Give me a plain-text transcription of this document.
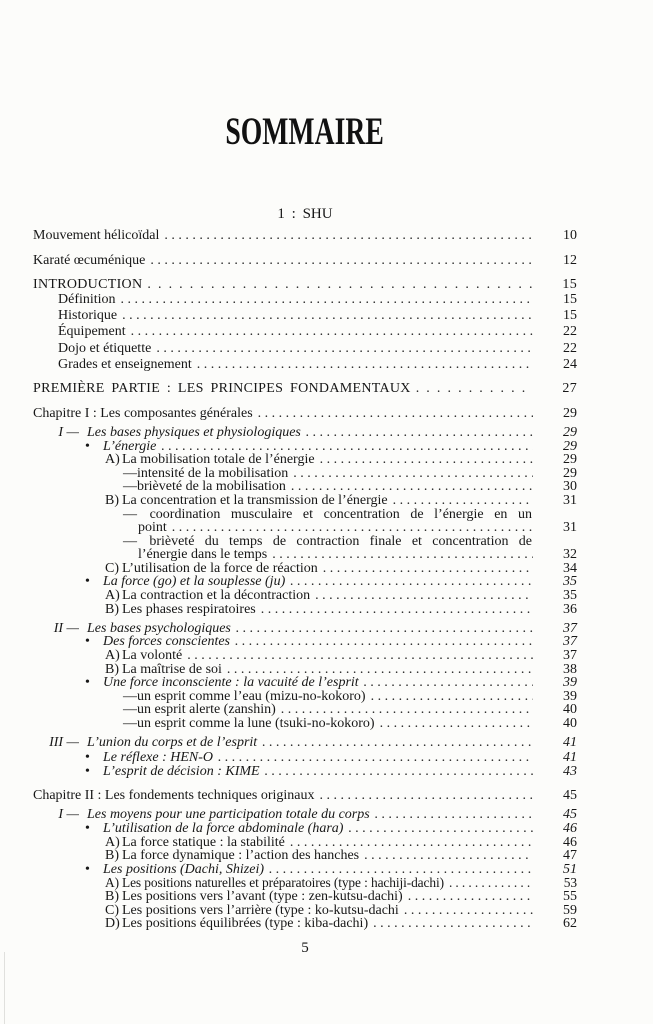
SOMMAIRE
1 : SHU
Mouvement hélicoïdal . . .	10
Karaté œcuménique . . .	12
INTRODUCTION . . .	15
Définition . . .	15
Historique . . .	15
Équipement . . .	22
Dojo et étiquette . . .	22
Grades et enseignement . . .	24
PREMIÈRE PARTIE : LES PRINCIPES FONDAMENTAUX . . .	27
Chapitre I : Les composantes générales . . .	29
I — Les bases physiques et physiologiques . . .	29
• L’énergie . . .	29
A) La mobilisation totale de l’énergie . . .	29
— intensité de la mobilisation . . .	29
— brièveté de la mobilisation . . .	30
B) La concentration et la transmission de l’énergie . . .	31
— coordination musculaire et concentration de l’énergie en un
point . . .	31
— brièveté du temps de contraction finale et concentration de
l’énergie dans le temps . . .	32
C) L’utilisation de la force de réaction . . .	34
• La force (go) et la souplesse (ju) . . .	35
A) La contraction et la décontraction . . .	35
B) Les phases respiratoires . . .	36
II — Les bases psychologiques . . .	37
• Des forces conscientes . . .	37
A) La volonté . . .	37
B) La maîtrise de soi . . .	38
• Une force inconsciente : la vacuité de l’esprit . . .	39
— un esprit comme l’eau (mizu-no-kokoro) . . .	39
— un esprit alerte (zanshin) . . .	40
— un esprit comme la lune (tsuki-no-kokoro) . . .	40
III — L’union du corps et de l’esprit . . .	41
• Le réflexe : HEN-O . . .	41
• L’esprit de décision : KIME . . .	43
Chapitre II : Les fondements techniques originaux . . .	45
I — Les moyens pour une participation totale du corps . . .	45
• L’utilisation de la force abdominale (hara) . . .	46
A) La force statique : la stabilité . . .	46
B) La force dynamique : l’action des hanches . . .	47
• Les positions (Dachi, Shizei) . . .	51
A) Les positions naturelles et préparatoires (type : hachiji-dachi) . . .	53
B) Les positions vers l’avant (type : zen-kutsu-dachi) . . .	55
C) Les positions vers l’arrière (type : ko-kutsu-dachi . . .	59
D) Les positions équilibrées (type : kiba-dachi) . . .	62
5
